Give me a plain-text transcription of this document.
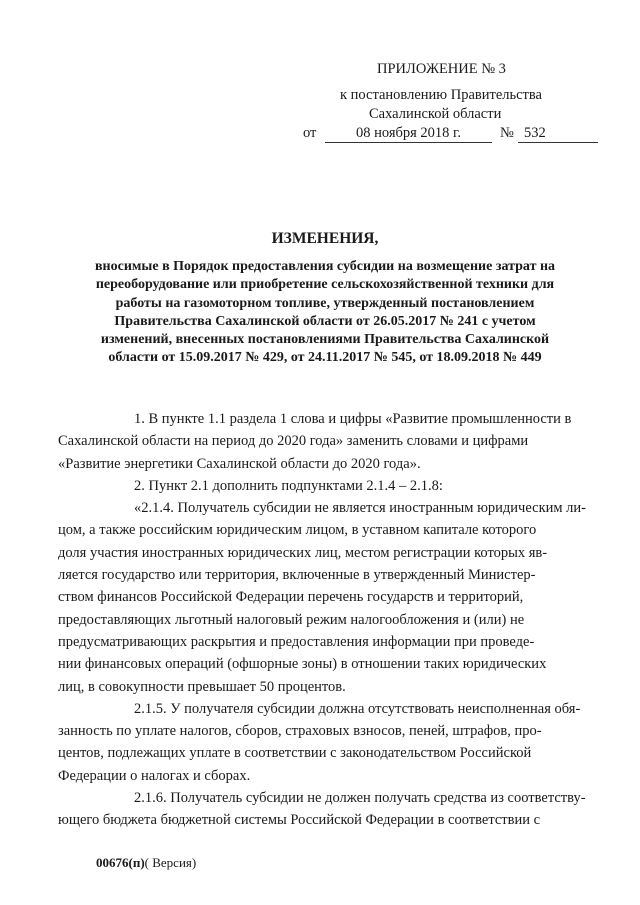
ПРИЛОЖЕНИЕ № 3
к постановлению Правительства
Сахалинской области
от	08 ноября 2018 г.	№ 532
ИЗМЕНЕНИЯ,
вносимые в Порядок предоставления субсидии на возмещение затрат на
переоборудование или приобретение сельскохозяйственной техники для
работы на газомоторном топливе, утвержденный постановлением
Правительства Сахалинской области от 26.05.2017 № 241 с учетом
изменений, внесенных постановлениями Правительства Сахалинской
области от 15.09.2017 № 429, от 24.11.2017 № 545, от 18.09.2018 № 449

1. В пункте 1.1 раздела 1 слова и цифры «Развитие промышленности в
Сахалинской области на период до 2020 года» заменить словами и цифрами
«Развитие энергетики Сахалинской области до 2020 года».

2. Пункт 2.1 дополнить подпунктами 2.1.4 – 2.1.8:

«2.1.4. Получатель субсидии не является иностранным юридическим ли-
цом, а также российским юридическим лицом, в уставном капитале которого
доля участия иностранных юридических лиц, местом регистрации которых яв-
ляется государство или территория, включенные в утвержденный Министер-
ством финансов Российской Федерации перечень государств и территорий,
предоставляющих льготный налоговый режим налогообложения и (или) не
предусматривающих раскрытия и предоставления информации при проведе-
нии финансовых операций (офшорные зоны) в отношении таких юридических
лиц, в совокупности превышает 50 процентов.

2.1.5. У получателя субсидии должна отсутствовать неисполненная обя-
занность по уплате налогов, сборов, страховых взносов, пеней, штрафов, про-
центов, подлежащих уплате в соответствии с законодательством Российской
Федерации о налогах и сборах.

2.1.6. Получатель субсидии не должен получать средства из соответству-
ющего бюджета бюджетной системы Российской Федерации в соответствии с

00676(п)( Версия)
